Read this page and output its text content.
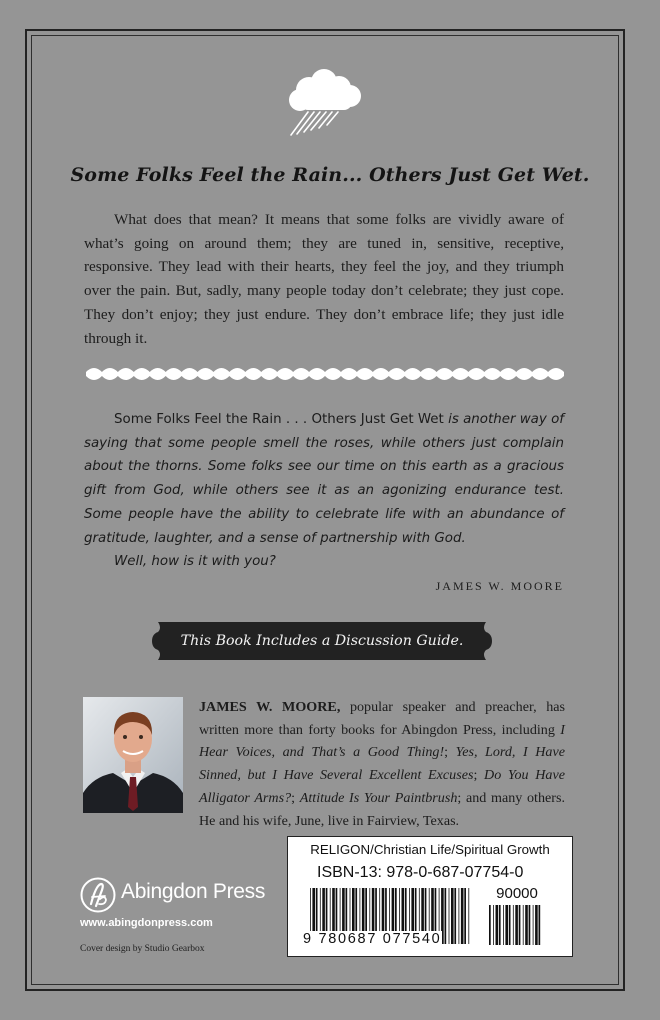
Some Folks Feel the Rain... Others Just Get Wet.
What does that mean? It means that some folks are vividly aware of what’s going on around them; they are tuned in, sensitive, receptive, responsive. They lead with their hearts, they feel the joy, and they triumph over the pain. But, sadly, many people today don’t celebrate; they just cope. They don’t enjoy; they just endure. They don’t embrace life; they just idle through it.

Some Folks Feel the Rain . . . Others Just Get Wet is another way of saying that some people smell the roses, while others just complain about the thorns. Some folks see our time on this earth as a gracious gift from God, while others see it as an agonizing endurance test. Some people have the ability to celebrate life with an abundance of gratitude, laughter, and a sense of partnership with God.

Well, how is it with you?

JAMES W. MOORE
This Book Includes a Discussion Guide.
JAMES W. MOORE, popular speaker and preacher, has written more than forty books for Abingdon Press, including I Hear Voices, and That’s a Good Thing!; Yes, Lord, I Have Sinned, but I Have Several Excellent Excuses; Do You Have Alligator Arms?; Attitude Is Your Paintbrush; and many others. He and his wife, June, live in Fairview, Texas.
Abingdon Press
www.abingdonpress.com
Cover design by Studio Gearbox
RELIGON/Christian Life/Spiritual Growth
ISBN-13: 978-0-687-07754-0
90000
9 780687 077540
